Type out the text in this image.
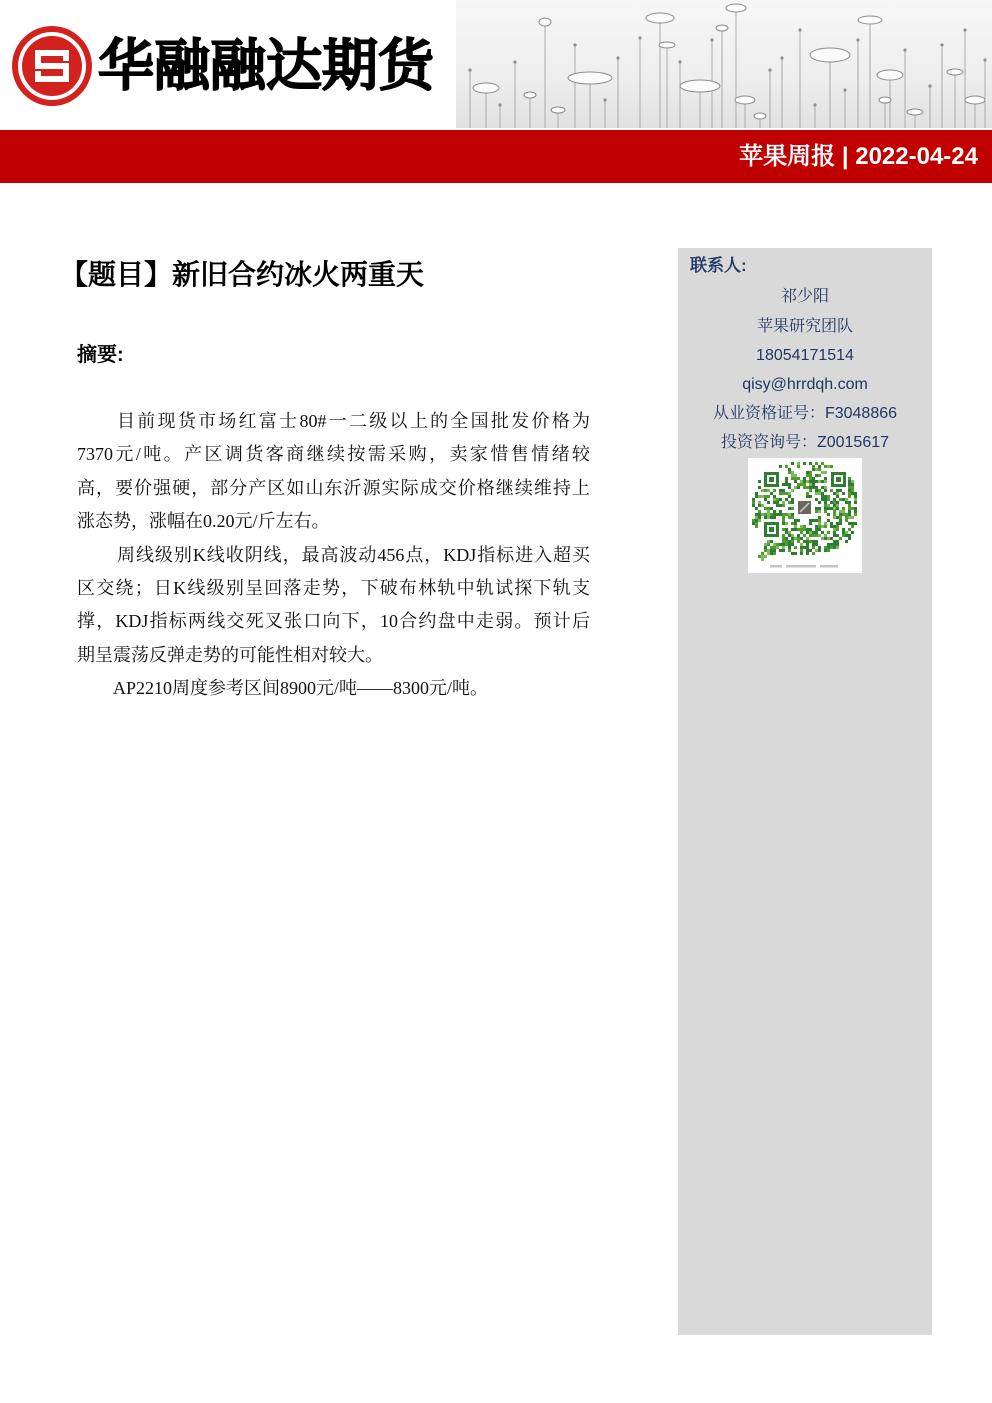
华融融达期货
苹果周报 | 2022-04-24
【题目】新旧合约冰火两重天
摘要:
目前现货市场红富士80#一二级以上的全国批发价格为
7370元/吨。产区调货客商继续按需采购，卖家惜售情绪较
高，要价强硬，部分产区如山东沂源实际成交价格继续维持上
涨态势，涨幅在0.20元/斤左右。
周线级别K线收阴线，最高波动456点，KDJ指标进入超买
区交绕；日K线级别呈回落走势，下破布林轨中轨试探下轨支
撑，KDJ指标两线交死叉张口向下，10合约盘中走弱。预计后
期呈震荡反弹走势的可能性相对较大。
AP2210周度参考区间8900元/吨——8300元/吨。
联系人:
祁少阳
苹果研究团队
18054171514
qisy@hrrdqh.com
从业资格证号：F3048866
投资咨询号：Z0015617
